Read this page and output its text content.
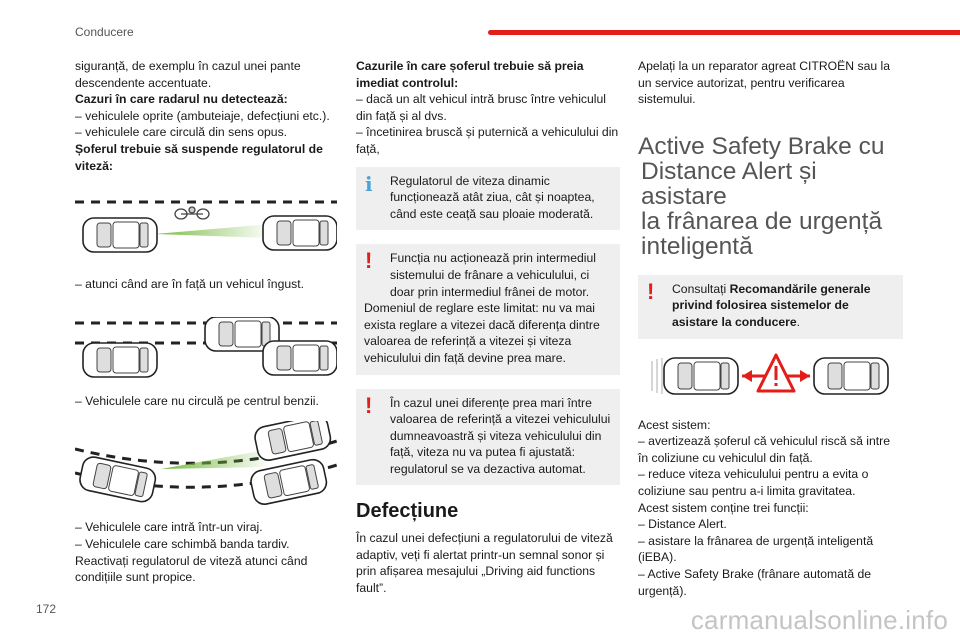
Conducere

siguranță, de exemplu în cazul unei pante descendente accentuate.

Cazuri în care radarul nu detectează:

– vehiculele oprite (ambuteiaje, defecțiuni etc.).

– vehiculele care circulă din sens opus.

Șoferul trebuie să suspende regulatorul de viteză:

– atunci când are în față un vehicul îngust.

– Vehiculele care nu circulă pe centrul benzii.

– Vehiculele care intră într-un viraj.

– Vehiculele care schimbă banda tardiv.

Reactivați regulatorul de viteză atunci când condițiile sunt propice.

Cazurile în care șoferul trebuie să preia imediat controlul:

– dacă un alt vehicul intră brusc între vehiculul din față și al dvs.

– încetinirea bruscă și puternică a vehiculului din față,

i	Regulatorul de viteza dinamic funcționează atât ziua, cât și noaptea, când este ceață sau ploaie moderată.

!	Funcția nu acționează prin intermediul sistemului de frânare a vehiculului, ci doar prin intermediul frânei de motor.

Domeniul de reglare este limitat: nu va mai exista reglare a vitezei dacă diferența dintre valoarea de referință a vitezei și viteza vehiculului din față devine prea mare.

!	În cazul unei diferențe prea mari între valoarea de referință a vitezei vehiculului dumneavoastră și viteza vehiculului din față, viteza nu va putea fi ajustată: regulatorul se va dezactiva automat.

Defecțiune

În cazul unei defecțiuni a regulatorului de viteză adaptiv, veți fi alertat printr-un semnal sonor și prin afișarea mesajului „Driving aid functions fault”.

Apelați la un reparator agreat CITROËN sau la un service autorizat, pentru verificarea sistemului.

Active Safety Brake cu
Distance Alert și asistare
la frânarea de urgență
inteligentă
!	Consultați Recomandările generale privind folosirea sistemelor de asistare la conducere.

Acest sistem:

– avertizează șoferul că vehiculul riscă să intre în coliziune cu vehiculul din față.

– reduce viteza vehiculului pentru a evita o coliziune sau pentru a-i limita gravitatea.

Acest sistem conține trei funcții:

– Distance Alert.

– asistare la frânarea de urgență inteligentă (iEBA).

– Active Safety Brake (frânare automată de urgență).

172	carmanualsonline.info
